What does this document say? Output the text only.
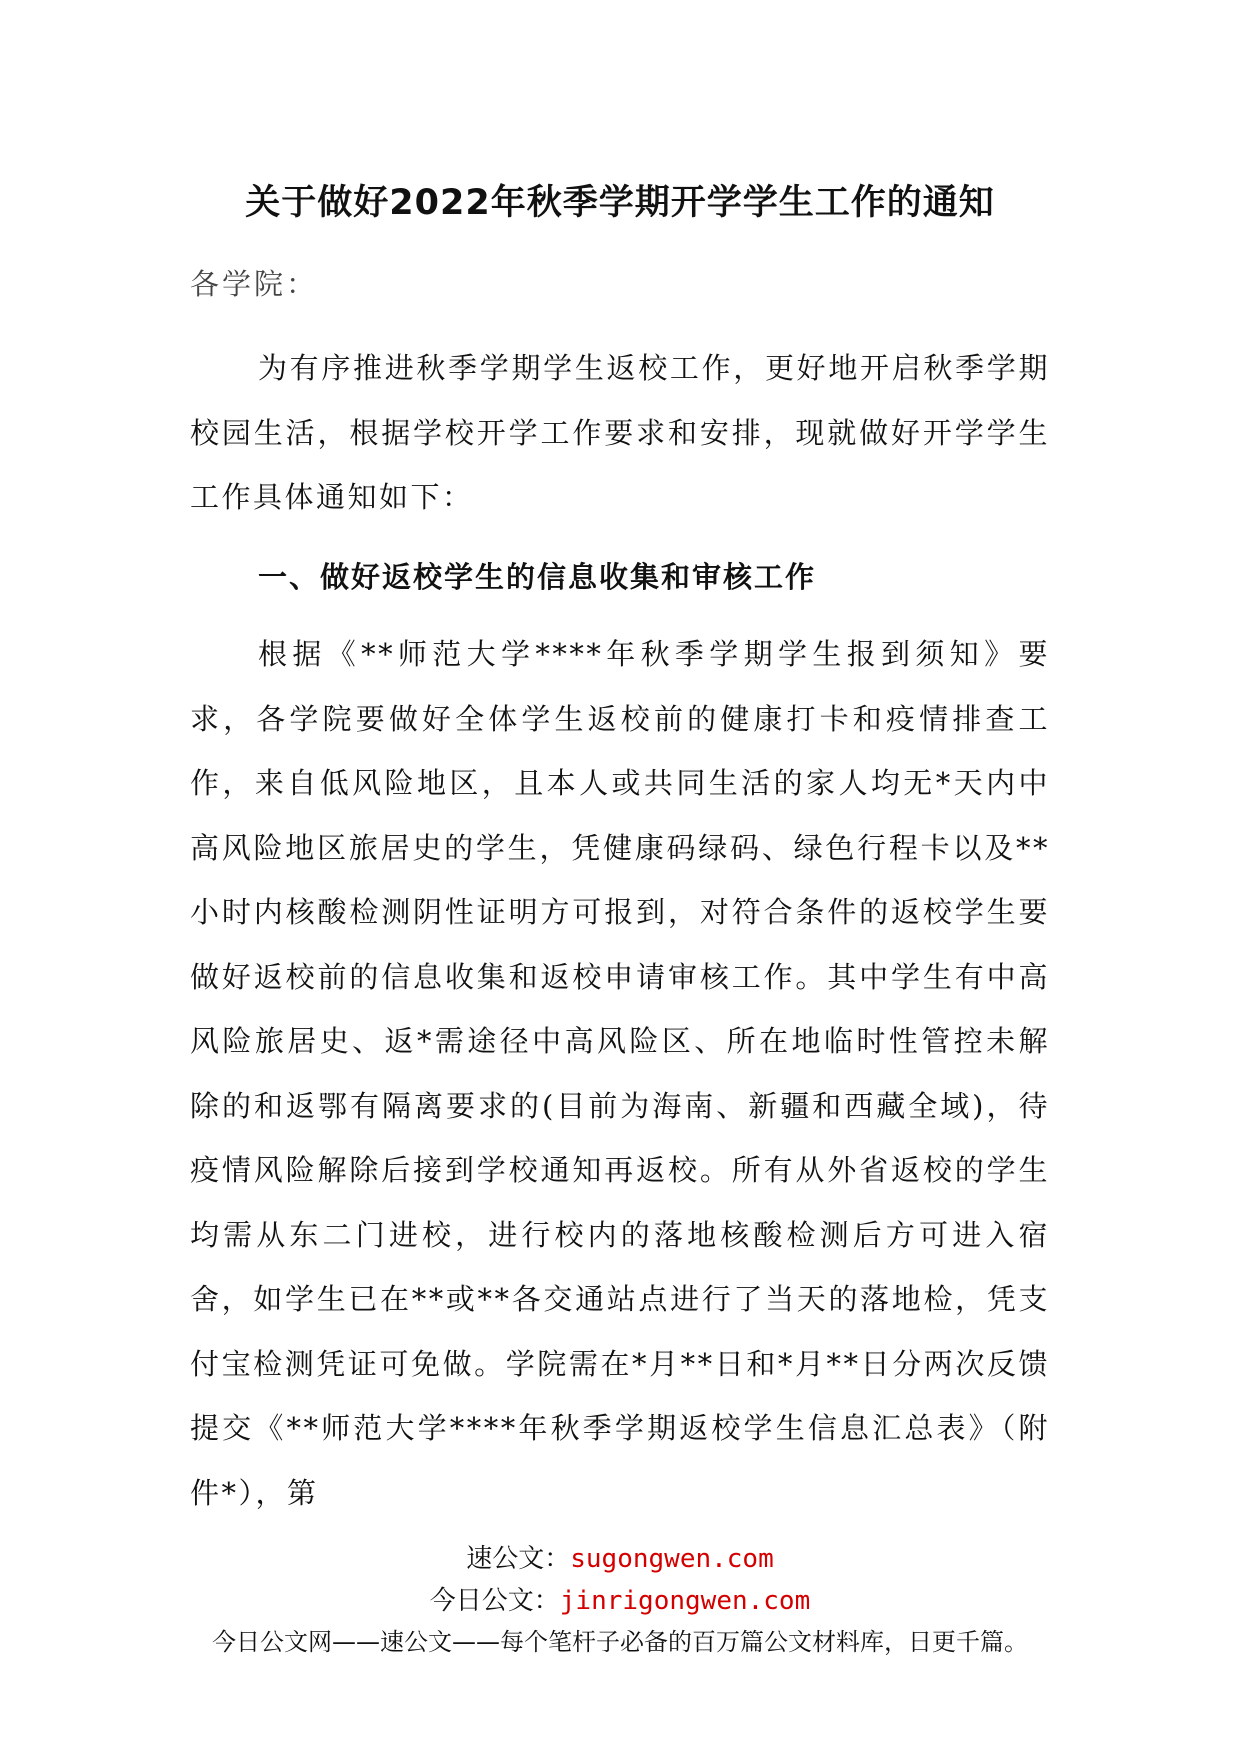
关于做好2022年秋季学期开学学生工作的通知
各学院：

为有序推进秋季学期学生返校工作，更好地开启秋季学期校园生活，根据学校开学工作要求和安排，现就做好开学学生工作具体通知如下：

一、做好返校学生的信息收集和审核工作

根据《**师范大学****年秋季学期学生报到须知》要求，各学院要做好全体学生返校前的健康打卡和疫情排查工作，来自低风险地区，且本人或共同生活的家人均无*天内中高风险地区旅居史的学生，凭健康码绿码、绿色行程卡以及**小时内核酸检测阴性证明方可报到，对符合条件的返校学生要做好返校前的信息收集和返校申请审核工作。其中学生有中高风险旅居史、返*需途径中高风险区、所在地临时性管控未解除的和返鄂有隔离要求的(目前为海南、新疆和西藏全域)，待疫情风险解除后接到学校通知再返校。所有从外省返校的学生均需从东二门进校，进行校内的落地核酸检测后方可进入宿舍，如学生已在**或**各交通站点进行了当天的落地检，凭支付宝检测凭证可免做。学院需在*月**日和*月**日分两次反馈提交《**师范大学****年秋季学期返校学生信息汇总表》（附件*），第

速公文：sugongwen.com
今日公文：jinrigongwen.com
今日公文网——速公文——每个笔杆子必备的百万篇公文材料库，日更千篇。
